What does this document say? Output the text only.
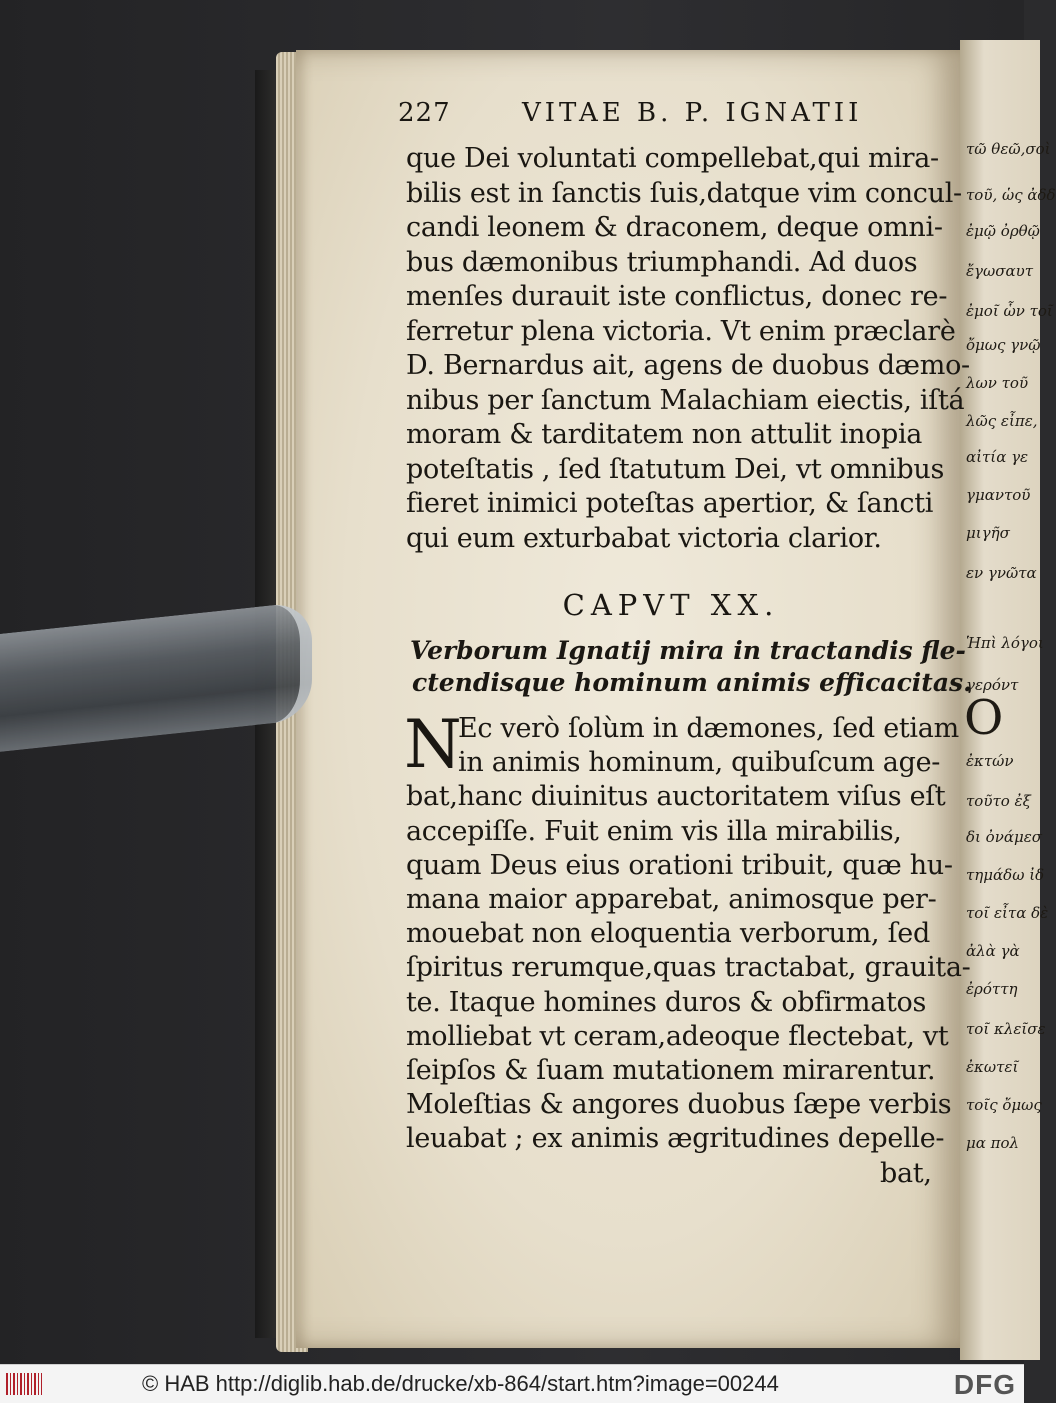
τῶ θεῶ,σοὶ
τοῦ, ὡς ἀδδ
ἐμῷ ὀρθῷ
ἔγωσαυτ
ἐμοῖ ὧν τοῖ
ὄμως γνῷ
λων τοῦ
λῶς εἶπε,
αἰτία γε
γμαντοῦ
μιγῆσ
εν γνῶτα
Ἡπὶ λόγοι
γερόντ
ἐκτών
τοῦτο ἐξ
δι ὀνάμεσ
τημάδω ἰδ
τοῖ εἶτα δὲ
ἀλὰ γὰ
ἐρόττη
τοῖ κλεῖσε
ἐκωτεῖ
τοῖς ὄμως
μα πολ
O
227	VITAE B. P. IGNATII
que Dei voluntati compellebat,qui mira-
bilis est in ſanctis ſuis,datque vim concul-
candi leonem & draconem, deque omni-
bus dæmonibus triumphandi. Ad duos
menſes durauit iste conflictus, donec re-
ferretur plena victoria. Vt enim præclarè
D. Bernardus ait, agens de duobus dæmo-
nibus per ſanctum Malachiam eiectis, iſtá
moram & tarditatem non attulit inopia
poteſtatis , ſed ſtatutum Dei, vt omnibus
fieret inimici poteſtas apertior, & ſancti
qui eum exturbabat victoria clarior.
CAPVT XX.
Verborum Ignatij mira in tractandis fle-
ctendisque hominum animis efficacitas.
N
Ec verò ſolùm in dæmones, ſed etiam
in animis hominum, quibuſcum age-
bat,hanc diuinitus auctoritatem viſus eſt
accepiſſe. Fuit enim vis illa mirabilis,
quam Deus eius orationi tribuit, quæ hu-
mana maior apparebat, animosque per-
mouebat non eloquentia verborum, ſed
ſpiritus rerumque,quas tractabat, grauita-
te. Itaque homines duros & obfirmatos
molliebat vt ceram,adeoque flectebat, vt
ſeipſos & ſuam mutationem mirarentur.
Moleſtias & angores duobus ſæpe verbis
leuabat ; ex animis ægritudines depelle-
bat,
© HAB http://diglib.hab.de/drucke/xb-864/start.htm?image=00244	DFG
